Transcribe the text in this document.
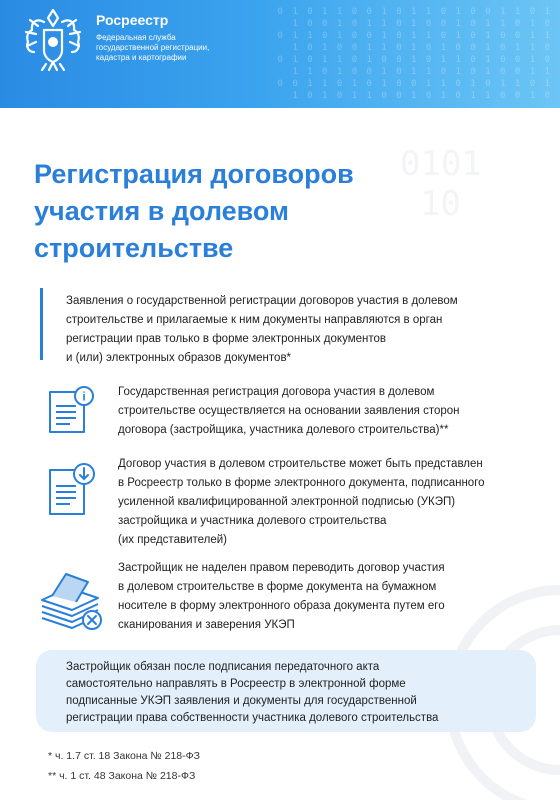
0 1 0 1 1 0 0 1 0 1 1 0 1 0 0 1 1 0 1
1 0 0 1 0 1 1 0 1 0 0 1 0 1 1 0 1 0
0 1 1 0 1 0 0 1 0 1 1 0 1 0 1 0 0 1 1
1 0 1 0 0 1 1 0 1 0 1 0 0 1 0 1 1 0
0 1 0 1 1 0 1 0 0 1 0 1 1 0 1 0 0 1 0
1 1 0 1 0 0 1 0 1 1 0 1 0 1 0 0 1 1
0 0 1 1 0 1 0 1 0 0 1 1 0 1 0 1 1 0 1
1 0 1 0 1 1 0 0 1 0 1 0 1 1 0 0 1 0
Росреестр
Федеральная служба
государственной регистрации,
кадастра и картографии
0101
10
Регистрация договоров
участия в долевом
строительстве
Заявления о государственной регистрации договоров участия в долевом
строительстве и прилагаемые к ним документы направляются в орган
регистрации прав только в форме электронных документов
и (или) электронных образов документов*
i	Государственная регистрация договора участия в долевом
строительстве осуществляется на основании заявления сторон
договора (застройщика, участника долевого строительства)**
Договор участия в долевом строительстве может быть представлен
в Росреестр только в форме электронного документа, подписанного
усиленной квалифицированной электронной подписью (УКЭП)
застройщика и участника долевого строительства
(их представителей)
Застройщик не наделен правом переводить договор участия
в долевом строительстве в форме документа на бумажном
носителе в форму электронного образа документа путем его
сканирования и заверения УКЭП
Застройщик обязан после подписания передаточного акта
самостоятельно направлять в Росреестр в электронной форме
подписанные УКЭП заявления и документы для государственной
регистрации права собственности участника долевого строительства
* ч. 1.7 ст. 18 Закона № 218-ФЗ
** ч. 1 ст. 48 Закона № 218-ФЗ
